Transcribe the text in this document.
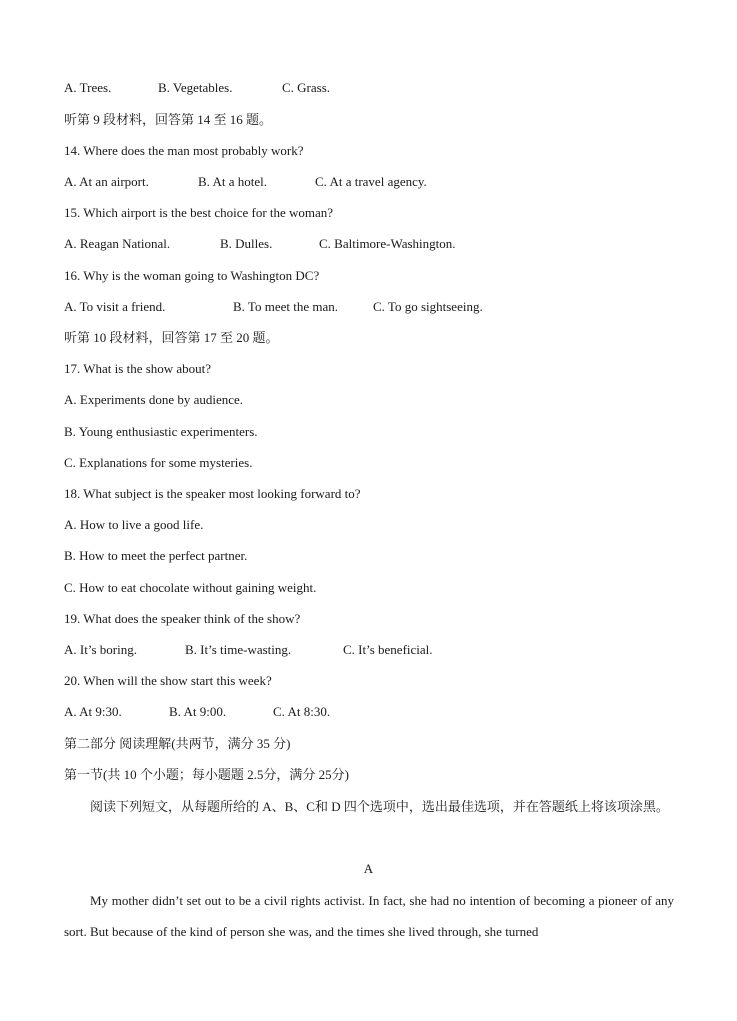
A. Trees.	B. Vegetables.	C. Grass.
听第 9 段材料，回答第 14 至 16 题。
14. Where does the man most probably work?
A. At an airport.	B. At a hotel.	C. At a travel agency.
15. Which airport is the best choice for the woman?
A. Reagan National.	B. Dulles.	C. Baltimore-Washington.
16. Why is the woman going to Washington DC?
A. To visit a friend.	B. To meet the man.	C. To go sightseeing.
听第 10 段材料，回答第 17 至 20 题。
17. What is the show about?
A. Experiments done by audience.
B. Young enthusiastic experimenters.
C. Explanations for some mysteries.
18. What subject is the speaker most looking forward to?
A. How to live a good life.
B. How to meet the perfect partner.
C. How to eat chocolate without gaining weight.
19. What does the speaker think of the show?
A. It’s boring.	B. It’s time-wasting.	C. It’s beneficial.
20. When will the show start this week?
A. At 9:30.	B. At 9:00.	C. At 8:30.
第二部分 阅读理解(共两节，满分 35 分)
第一节(共 10 个小题；每小题题 2.5分，满分 25分)
阅读下列短文，从每题所给的 A、B、C和 D 四个选项中，选出最佳选项，并在答题纸上将该项涂黑。
A
My mother didn’t set out to be a civil rights activist. In fact, she had no intention of becoming a pioneer of any sort. But because of the kind of person she was, and the times she lived through, she turned
